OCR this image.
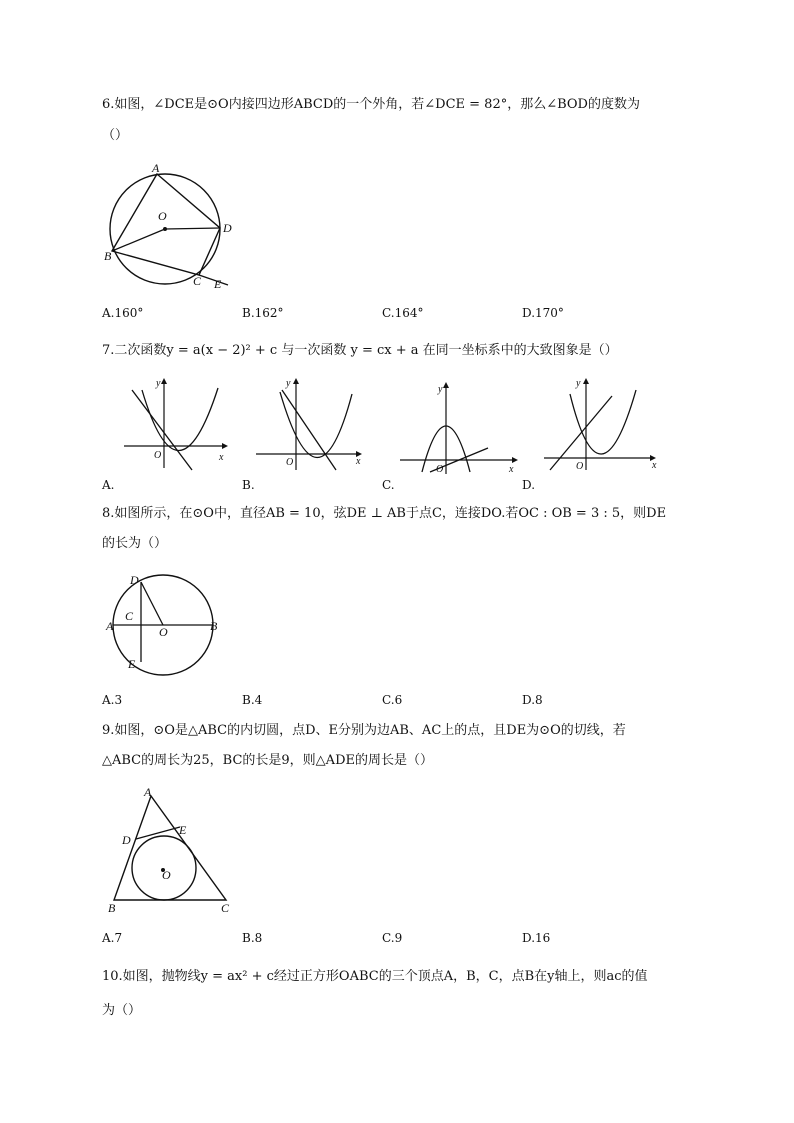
6.如图，∠DCE是⊙O内接四边形ABCD的一个外角，若∠DCE = 82°，那么∠BOD的度数为
（）
A
O
D
B
C E
A.160°	B.162°	C.164°	D.170°
7.二次函数y = a(x − 2)² + c 与一次函数 y = cx + a 在同一坐标系中的大致图象是（）
y
x
O
A.
y
x
O
B.
y
x
O
C.
y
x
O
D.
8.如图所示，在⊙O中，直径AB = 10，弦DE ⊥ AB于点C，连接DO.若OC : OB = 3 : 5，则DE
的长为（）
D
C
A	O	B
E
A.3	B.4	C.6	D.8
9.如图，⊙O是△ABC的内切圆，点D、E分别为边AB、AC上的点，且DE为⊙O的切线，若
△ABC的周长为25，BC的长是9，则△ADE的周长是（）
A
D
E
O
B	C
A.7	B.8	C.9	D.16
10.如图，抛物线y = ax² + c经过正方形OABC的三个顶点A，B，C，点B在y轴上，则ac的值
为（）
